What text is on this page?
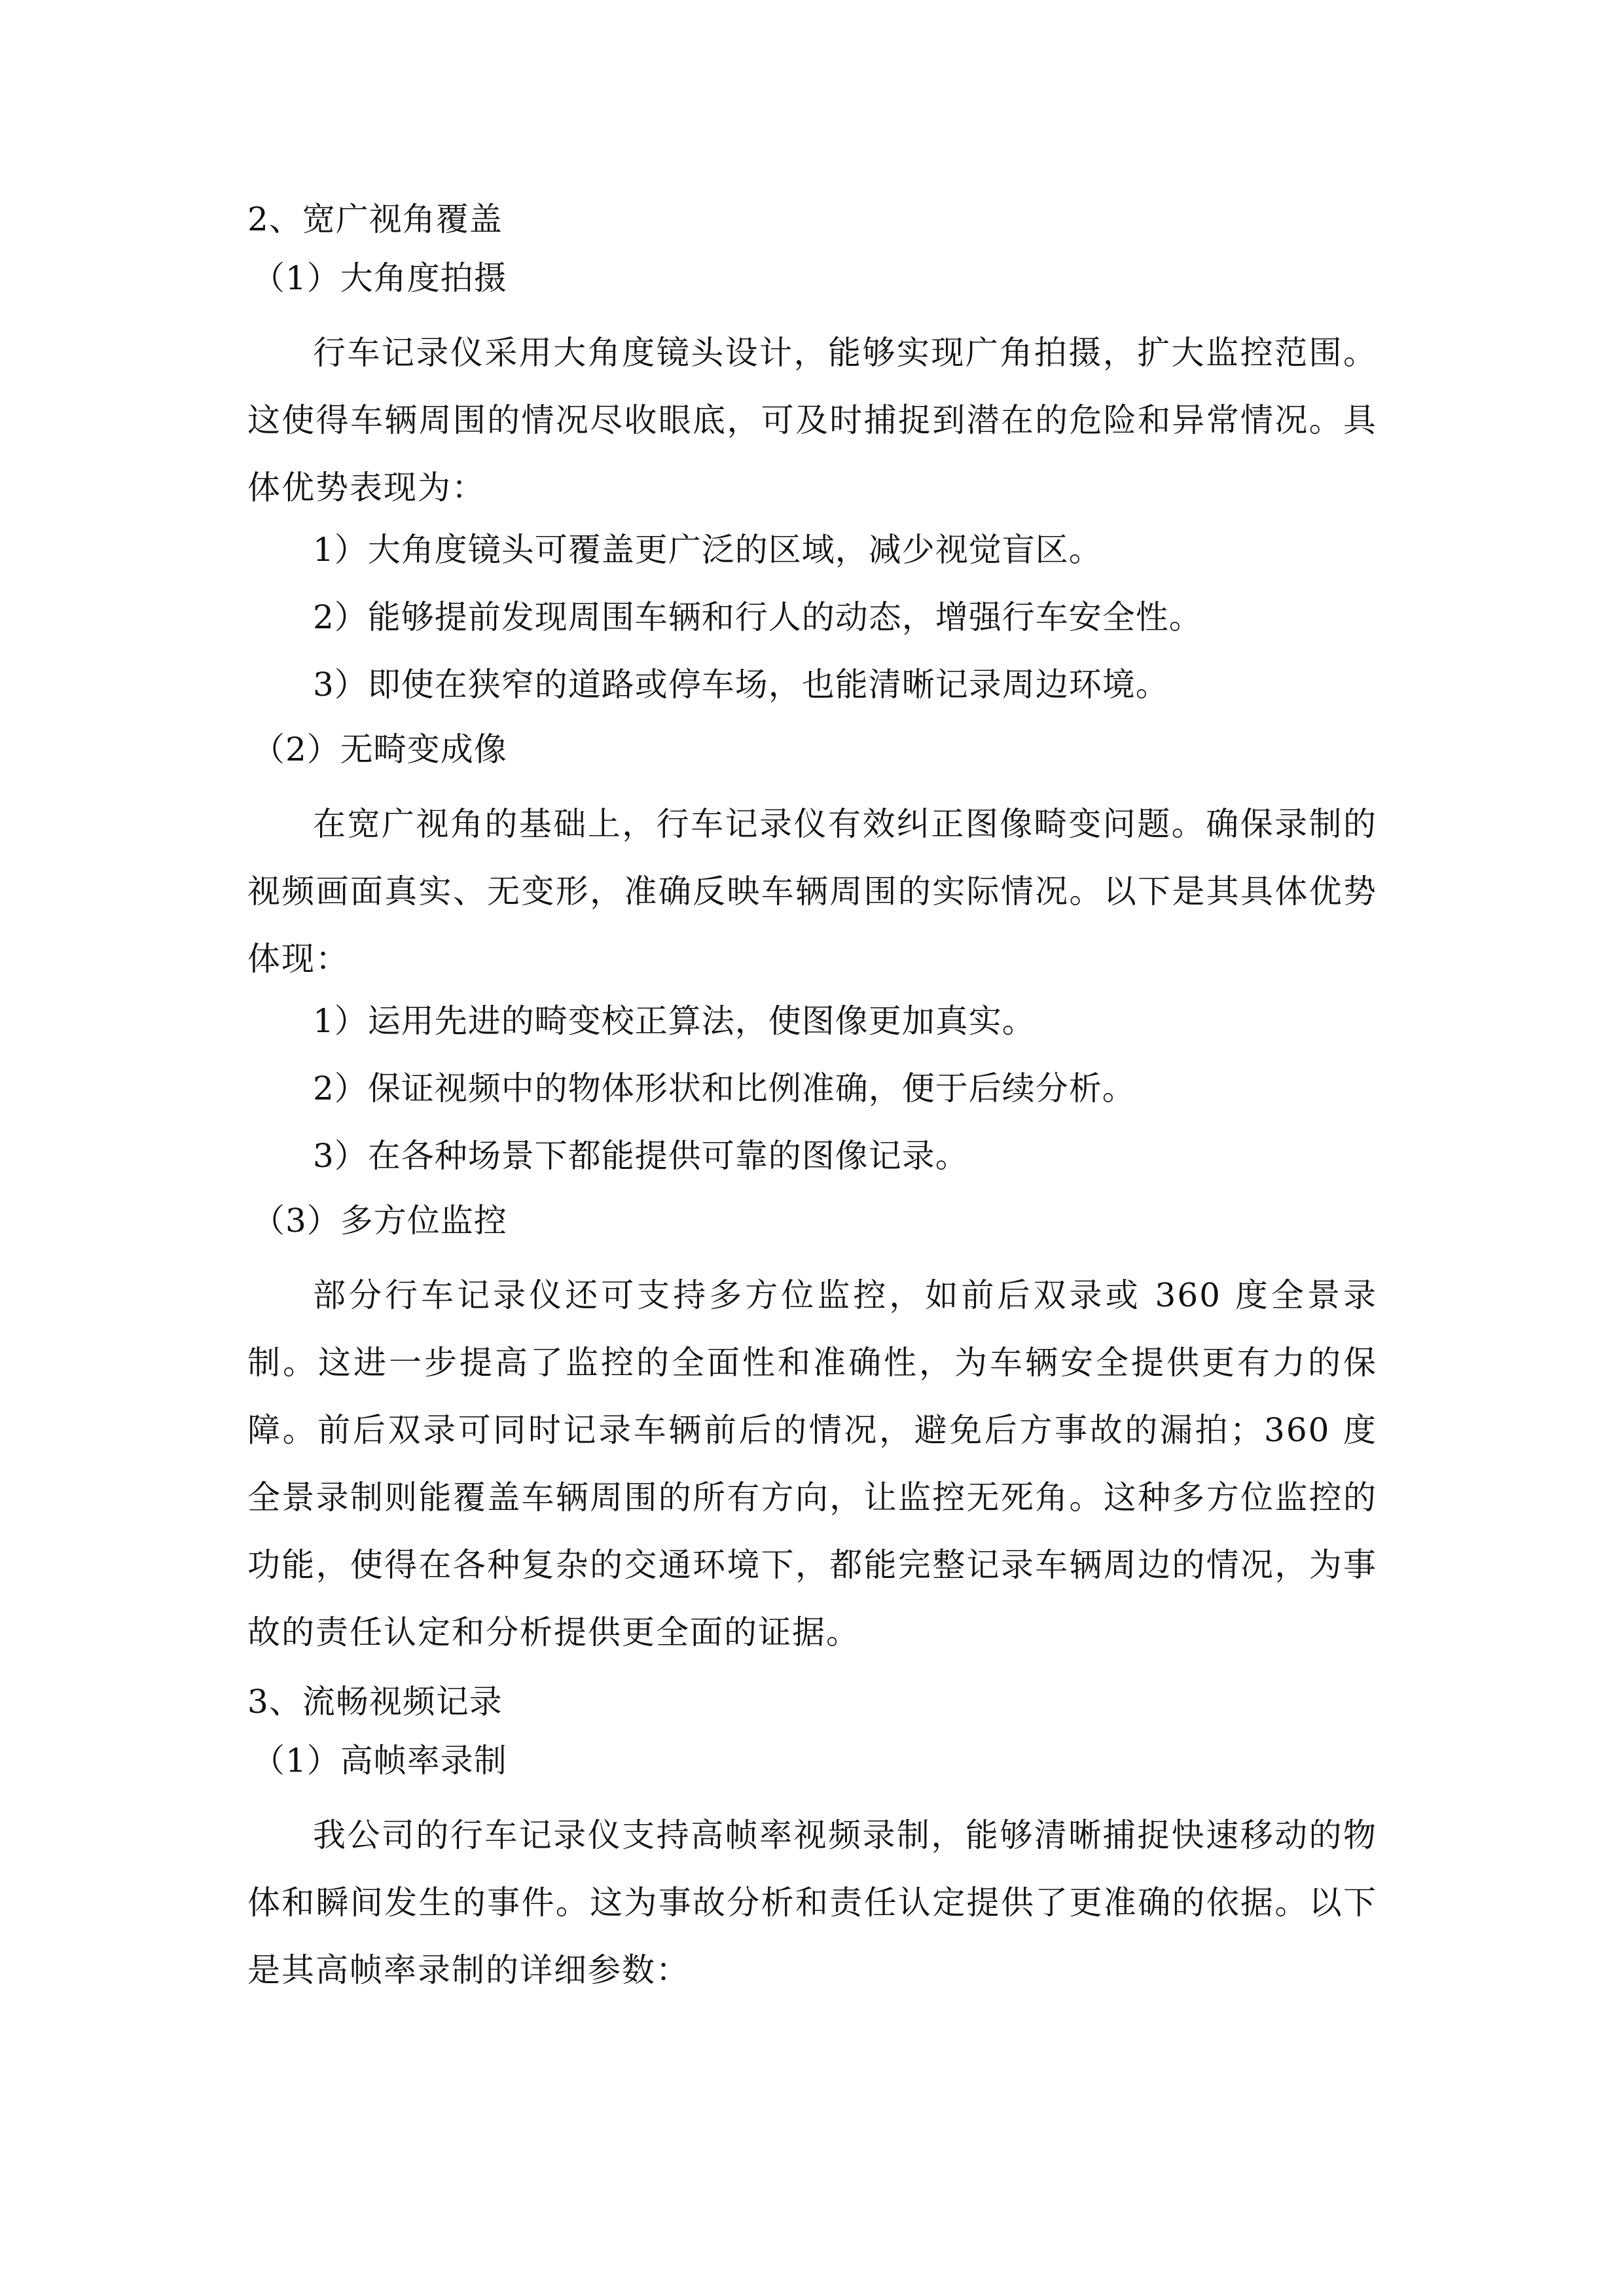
2、宽广视角覆盖
（1）大角度拍摄

行车记录仪采用大角度镜头设计，能够实现广角拍摄，扩大监控范围。这使得车辆周围的情况尽收眼底，可及时捕捉到潜在的危险和异常情况。具体优势表现为：

1）大角度镜头可覆盖更广泛的区域，减少视觉盲区。
2）能够提前发现周围车辆和行人的动态，增强行车安全性。
3）即使在狭窄的道路或停车场，也能清晰记录周边环境。
（2）无畸变成像

在宽广视角的基础上，行车记录仪有效纠正图像畸变问题。确保录制的视频画面真实、无变形，准确反映车辆周围的实际情况。以下是其具体优势体现：

1）运用先进的畸变校正算法，使图像更加真实。
2）保证视频中的物体形状和比例准确，便于后续分析。
3）在各种场景下都能提供可靠的图像记录。
（3）多方位监控

部分行车记录仪还可支持多方位监控，如前后双录或 360 度全景录制。这进一步提高了监控的全面性和准确性，为车辆安全提供更有力的保障。前后双录可同时记录车辆前后的情况，避免后方事故的漏拍；360 度全景录制则能覆盖车辆周围的所有方向，让监控无死角。这种多方位监控的功能，使得在各种复杂的交通环境下，都能完整记录车辆周边的情况，为事故的责任认定和分析提供更全面的证据。

3、流畅视频记录
（1）高帧率录制

我公司的行车记录仪支持高帧率视频录制，能够清晰捕捉快速移动的物体和瞬间发生的事件。这为事故分析和责任认定提供了更准确的依据。以下是其高帧率录制的详细参数：
